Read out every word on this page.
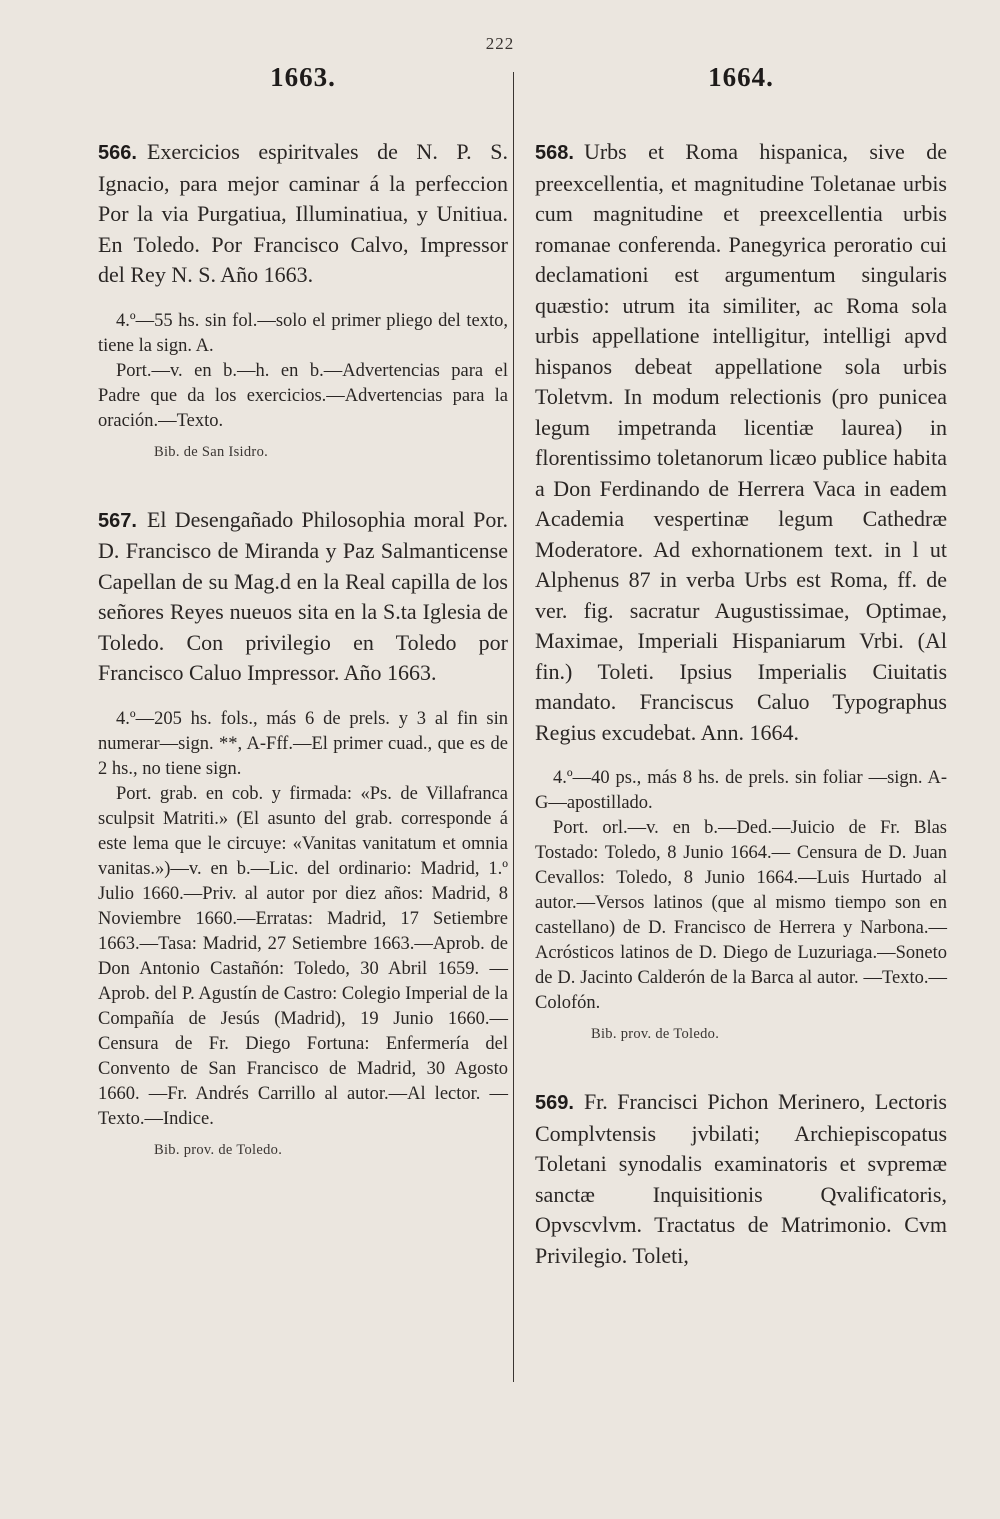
222
1663.

566. Exercicios espiritvales de N. P. S. Ignacio, para mejor caminar á la perfeccion Por la via Purgatiua, Illuminatiua, y Unitiua. En Toledo. Por Francisco Calvo, Impressor del Rey N. S. Año 1663.

4.º—55 hs. sin fol.—solo el primer pliego del texto, tiene la sign. A.

Port.—v. en b.—h. en b.—Advertencias para el Padre que da los exercicios.—Advertencias para la oración.—Texto.

Bib. de San Isidro.

567. El Desengañado Philosophia moral Por. D. Francisco de Miranda y Paz Salmanticense Capellan de su Mag.d en la Real capilla de los señores Reyes nueuos sita en la S.ta Iglesia de Toledo. Con privilegio en Toledo por Francisco Caluo Impressor. Año 1663.

4.º—205 hs. fols., más 6 de prels. y 3 al fin sin numerar—sign. **, A-Fff.—El primer cuad., que es de 2 hs., no tiene sign.

Port. grab. en cob. y firmada: «Ps. de Villafranca sculpsit Matriti.» (El asunto del grab. corresponde á este lema que le circuye: «Vanitas vanitatum et omnia vanitas.»)—v. en b.—Lic. del ordinario: Madrid, 1.º Julio 1660.—Priv. al autor por diez años: Madrid, 8 Noviembre 1660.—Erratas: Madrid, 17 Setiembre 1663.—Tasa: Madrid, 27 Setiembre 1663.—Aprob. de Don Antonio Castañón: Toledo, 30 Abril 1659. —Aprob. del P. Agustín de Castro: Colegio Imperial de la Compañía de Jesús (Madrid), 19 Junio 1660.—Censura de Fr. Diego Fortuna: Enfermería del Convento de San Francisco de Madrid, 30 Agosto 1660. —Fr. Andrés Carrillo al autor.—Al lector. —Texto.—Indice.

Bib. prov. de Toledo.
1664.

568. Urbs et Roma hispanica, sive de preexcellentia, et magnitudine Toletanae urbis cum magnitudine et preexcellentia urbis romanae conferenda. Panegyrica peroratio cui declamationi est argumentum singularis quæstio: utrum ita similiter, ac Roma sola urbis appellatione intelligitur, intelligi apvd hispanos debeat appellatione sola urbis Toletvm. In modum relectionis (pro punicea legum impetranda licentiæ laurea) in florentissimo toletanorum licæo publice habita a Don Ferdinando de Herrera Vaca in eadem Academia vespertinæ legum Cathedræ Moderatore. Ad exhornationem text. in l ut Alphenus 87 in verba Urbs est Roma, ff. de ver. fig. sacratur Augustissimae, Optimae, Maximae, Imperiali Hispaniarum Vrbi. (Al fin.) Toleti. Ipsius Imperialis Ciuitatis mandato. Franciscus Caluo Typographus Regius excudebat. Ann. 1664.

4.º—40 ps., más 8 hs. de prels. sin foliar —sign. A-G—apostillado.

Port. orl.—v. en b.—Ded.—Juicio de Fr. Blas Tostado: Toledo, 8 Junio 1664.— Censura de D. Juan Cevallos: Toledo, 8 Junio 1664.—Luis Hurtado al autor.—Versos latinos (que al mismo tiempo son en castellano) de D. Francisco de Herrera y Narbona.—Acrósticos latinos de D. Diego de Luzuriaga.—Soneto de D. Jacinto Calderón de la Barca al autor. —Texto.—Colofón.

Bib. prov. de Toledo.

569. Fr. Francisci Pichon Merinero, Lectoris Complvtensis jvbilati; Archiepiscopatus Toletani synodalis examinatoris et svpremæ sanctæ Inquisitionis Qvalificatoris, Opvscvlvm. Tractatus de Matrimonio. Cvm Privilegio. Toleti,
